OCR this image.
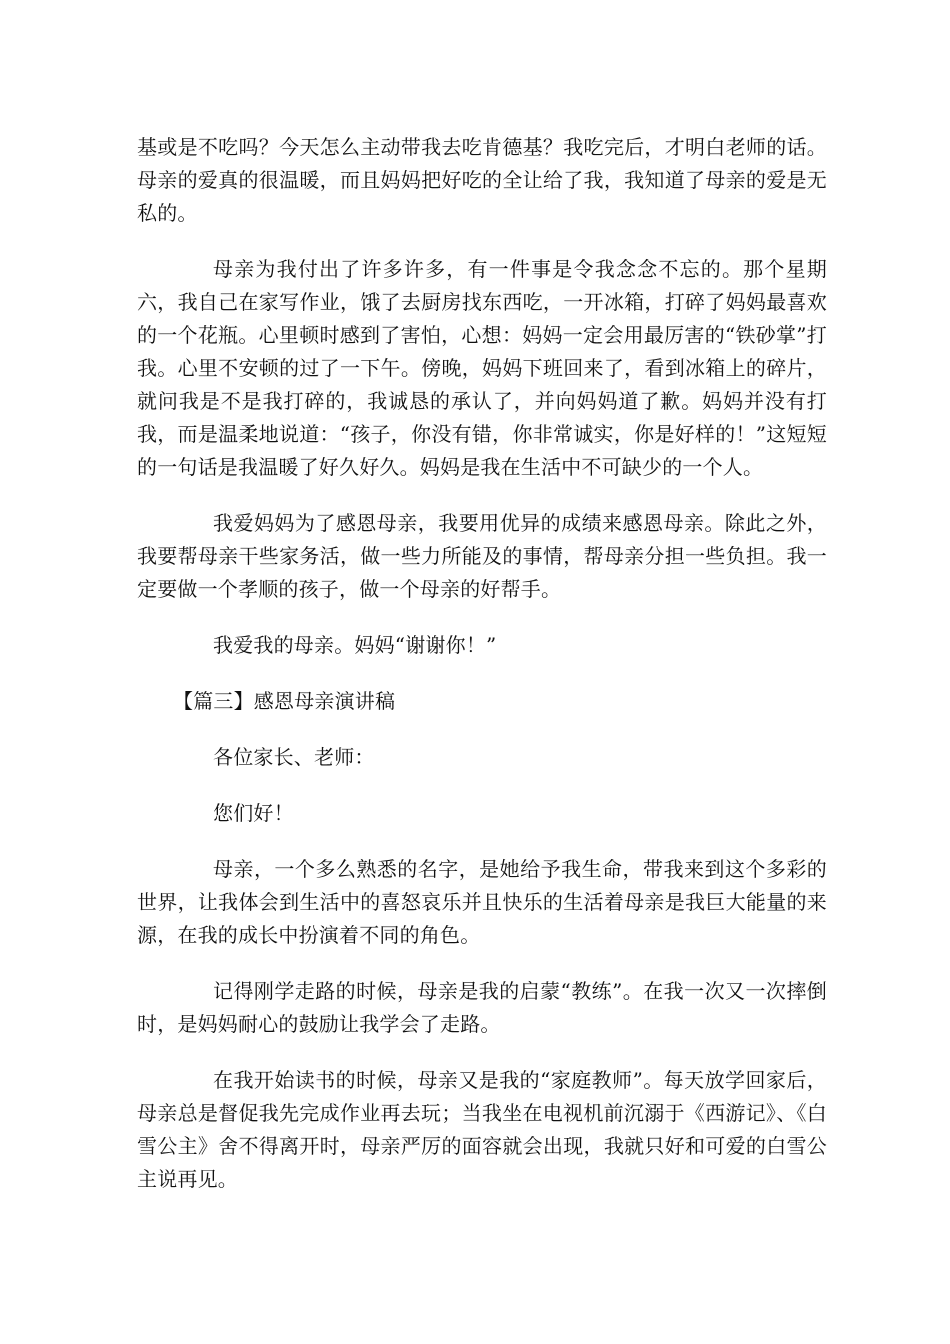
基或是不吃吗？今天怎么主动带我去吃肯德基？我吃完后，才明白老师的话。母亲的爱真的很温暖，而且妈妈把好吃的全让给了我，我知道了母亲的爱是无私的。

母亲为我付出了许多许多，有一件事是令我念念不忘的。那个星期六，我自己在家写作业，饿了去厨房找东西吃，一开冰箱，打碎了妈妈最喜欢的一个花瓶。心里顿时感到了害怕，心想：妈妈一定会用最厉害的“铁砂掌”打我。心里不安顿的过了一下午。傍晚，妈妈下班回来了，看到冰箱上的碎片，就问我是不是我打碎的，我诚恳的承认了，并向妈妈道了歉。妈妈并没有打我，而是温柔地说道：“孩子，你没有错，你非常诚实，你是好样的！”这短短的一句话是我温暖了好久好久。妈妈是我在生活中不可缺少的一个人。

我爱妈妈为了感恩母亲，我要用优异的成绩来感恩母亲。除此之外，我要帮母亲干些家务活，做一些力所能及的事情，帮母亲分担一些负担。我一定要做一个孝顺的孩子，做一个母亲的好帮手。

我爱我的母亲。妈妈“谢谢你！”

【篇三】感恩母亲演讲稿

各位家长、老师：

您们好！

母亲，一个多么熟悉的名字，是她给予我生命，带我来到这个多彩的世界，让我体会到生活中的喜怒哀乐并且快乐的生活着母亲是我巨大能量的来源，在我的成长中扮演着不同的角色。

记得刚学走路的时候，母亲是我的启蒙“教练”。在我一次又一次摔倒时，是妈妈耐心的鼓励让我学会了走路。

在我开始读书的时候，母亲又是我的“家庭教师”。每天放学回家后，母亲总是督促我先完成作业再去玩；当我坐在电视机前沉溺于《西游记》、《白雪公主》舍不得离开时，母亲严厉的面容就会出现，我就只好和可爱的白雪公主说再见。
